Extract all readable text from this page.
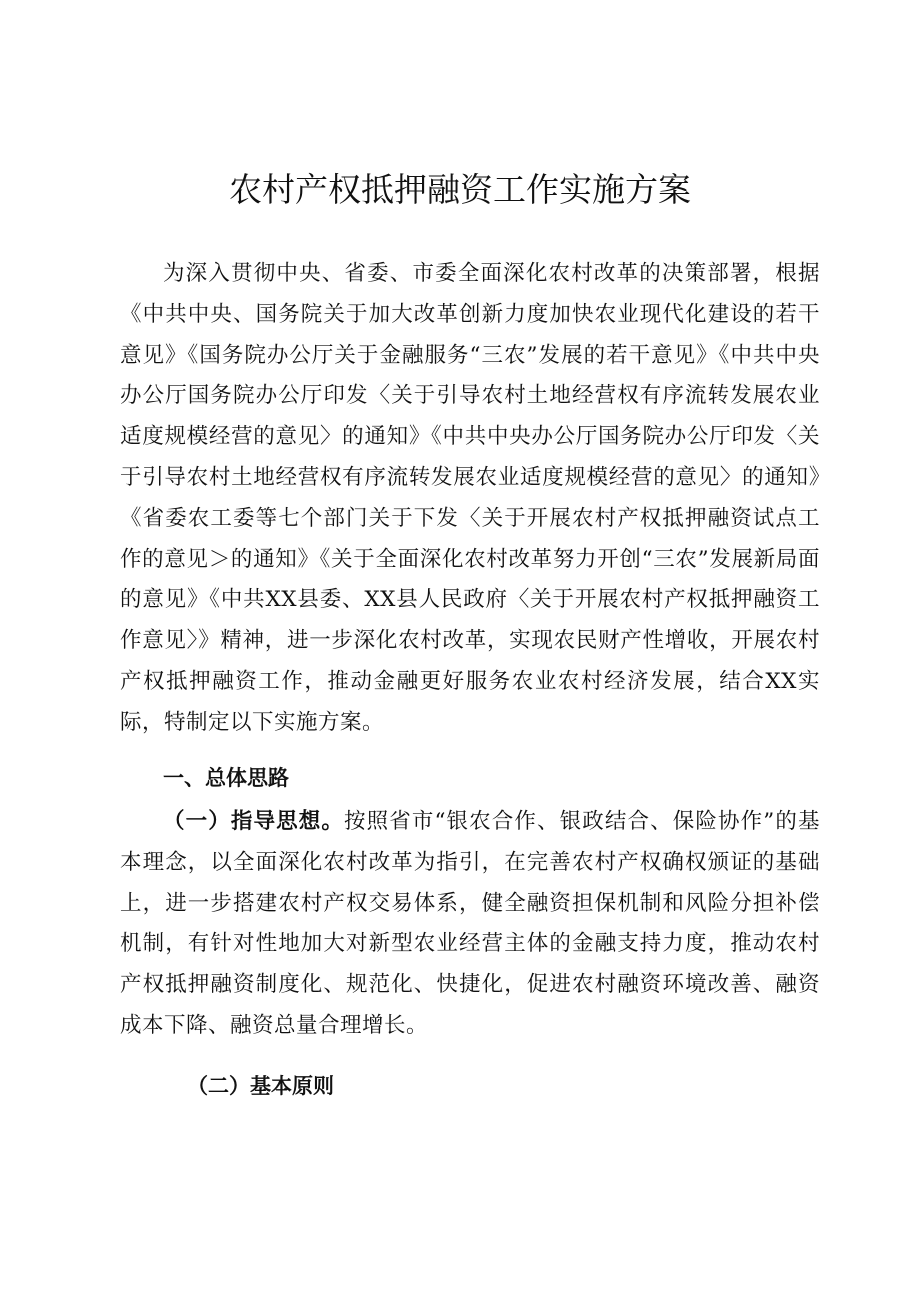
农村产权抵押融资工作实施方案

为深入贯彻中央、省委、市委全面深化农村改革的决策部署，根据《中共中央、国务院关于加大改革创新力度加快农业现代化建设的若干意见》《国务院办公厅关于金融服务“三农”发展的若干意见》《中共中央办公厅国务院办公厅印发〈关于引导农村土地经营权有序流转发展农业适度规模经营的意见〉的通知》《中共中央办公厅国务院办公厅印发〈关于引导农村土地经营权有序流转发展农业适度规模经营的意见〉的通知》《省委农工委等七个部门关于下发〈关于开展农村产权抵押融资试点工作的意见＞的通知》《关于全面深化农村改革努力开创“三农”发展新局面的意见》《中共XX县委、XX县人民政府〈关于开展农村产权抵押融资工作意见〉》精神，进一步深化农村改革，实现农民财产性增收，开展农村产权抵押融资工作，推动金融更好服务农业农村经济发展，结合XX实际，特制定以下实施方案。

一、总体思路

（一）指导思想。按照省市“银农合作、银政结合、保险协作”的基本理念，以全面深化农村改革为指引，在完善农村产权确权颁证的基础上，进一步搭建农村产权交易体系，健全融资担保机制和风险分担补偿机制，有针对性地加大对新型农业经营主体的金融支持力度，推动农村产权抵押融资制度化、规范化、快捷化，促进农村融资环境改善、融资成本下降、融资总量合理增长。

（二）基本原则
